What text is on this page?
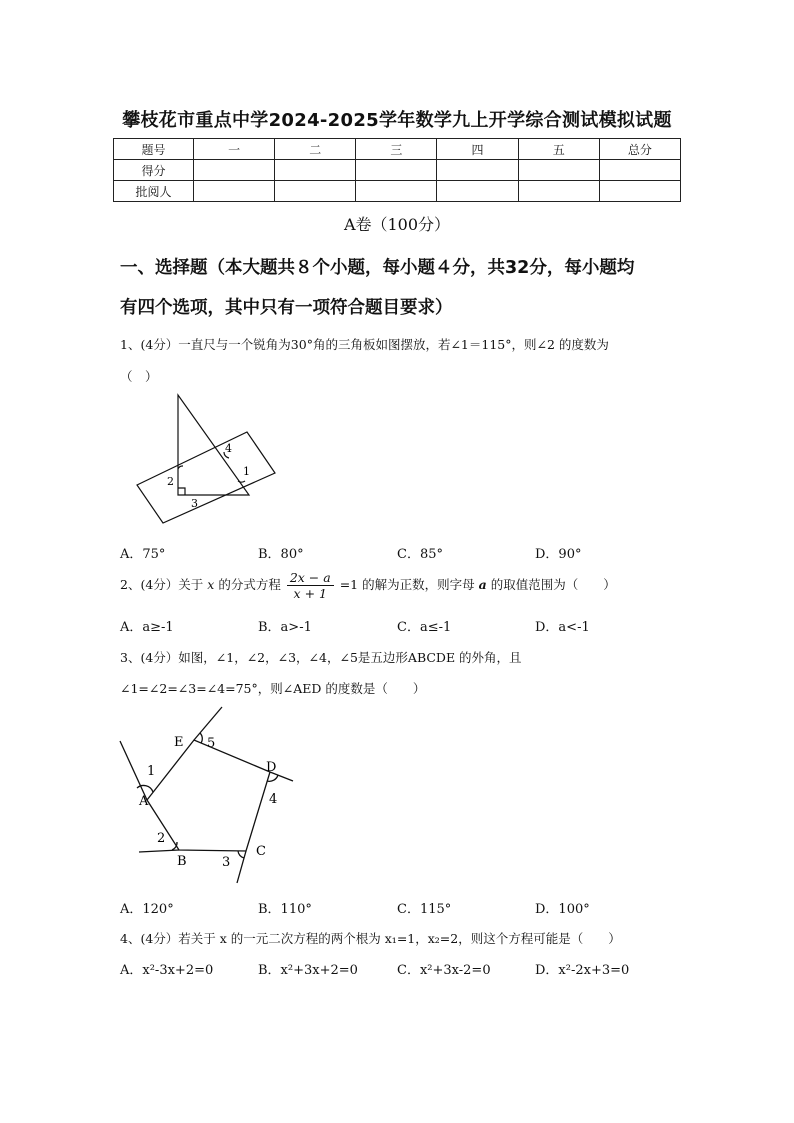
攀枝花市重点中学2024-2025学年数学九上开学综合测试模拟试题
题号	一	二	三	四	五	总分
得分						
批阅人						
A卷（100分）
一、选择题（本大题共８个小题，每小题４分，共32分，每小题均
有四个选项，其中只有一项符合题目要求）
1、(4分）一直尺与一个锐角为30°角的三角板如图摆放，若∠1＝115°，则∠2 的度数为
（　）
4
1
2
3
A．75°	B．80°	C．85°	D．90°
2、(4分）关于 x 的分式方程 $\frac{2x - a}{x + 1} =1$ 的解为正数，则字母 a 的取值范围为（　　）
A．a≥-1	B．a>-1	C．a≤-1	D．a<-1
3、(4分）如图，∠1，∠2，∠3，∠4，∠5是五边形ABCDE 的外角，且
∠1=∠2=∠3=∠4=75°，则∠AED 的度数是（　　）
A
B
C
D
E
1
2
3
4
5
A．120°	B．110°	C．115°	D．100°
4、(4分）若关于 x 的一元二次方程的两个根为 x₁=1，x₂=2，则这个方程可能是（　　）
A．x²-3x+2=0	B．x²+3x+2=0	C．x²+3x-2=0	D．x²-2x+3=0
